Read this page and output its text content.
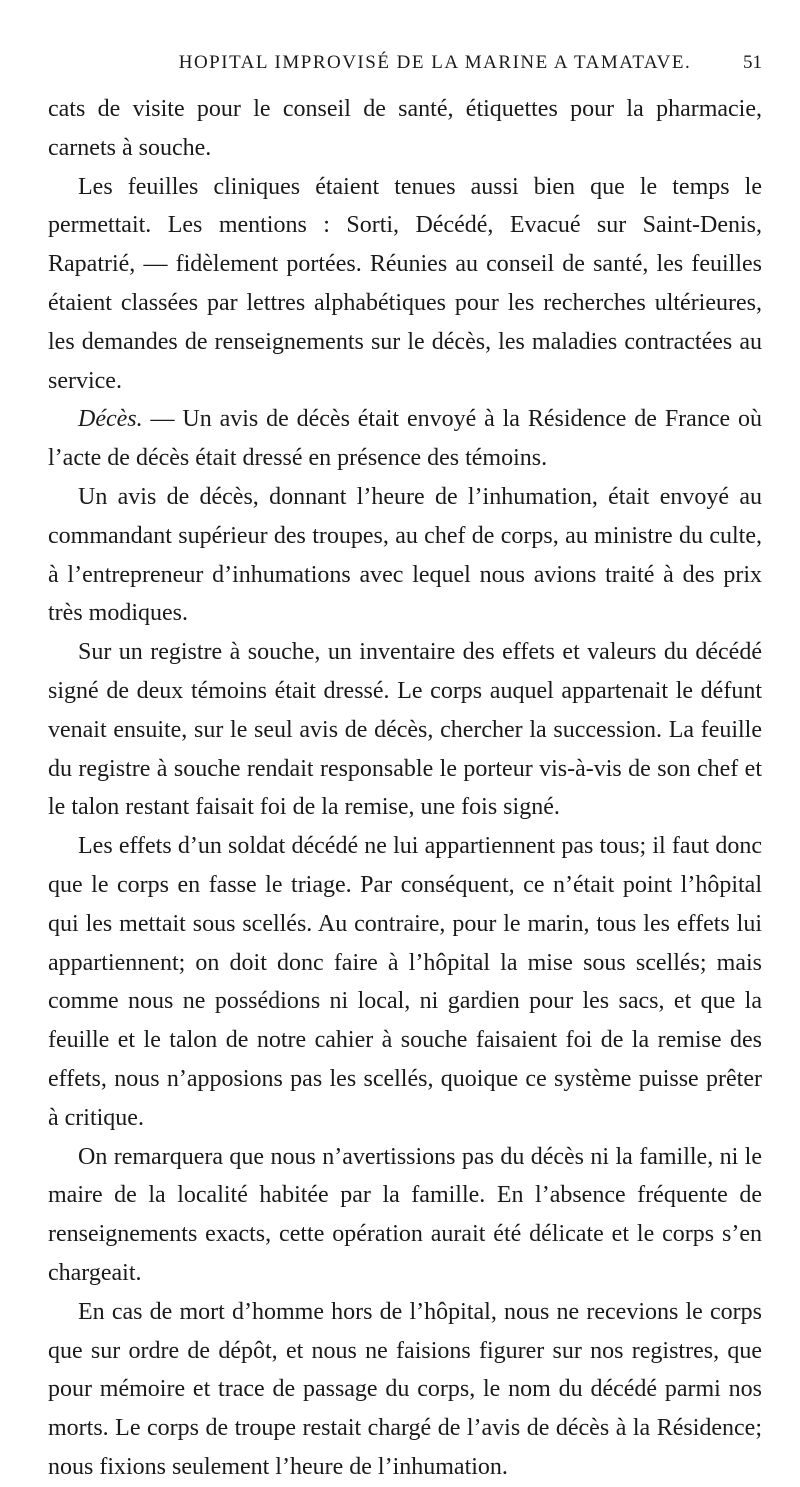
HOPITAL IMPROVISÉ DE LA MARINE A TAMATAVE.	51

cats de visite pour le conseil de santé, étiquettes pour la pharmacie, carnets à souche.

Les feuilles cliniques étaient tenues aussi bien que le temps le permettait. Les mentions : Sorti, Décédé, Evacué sur Saint-Denis, Rapatrié, — fidèlement portées. Réunies au conseil de santé, les feuilles étaient classées par lettres alphabétiques pour les recherches ultérieures, les demandes de renseignements sur le décès, les maladies contractées au service.

Décès. — Un avis de décès était envoyé à la Résidence de France où l’acte de décès était dressé en présence des témoins.

Un avis de décès, donnant l’heure de l’inhumation, était envoyé au commandant supérieur des troupes, au chef de corps, au ministre du culte, à l’entrepreneur d’inhumations avec lequel nous avions traité à des prix très modiques.

Sur un registre à souche, un inventaire des effets et valeurs du décédé signé de deux témoins était dressé. Le corps auquel appartenait le défunt venait ensuite, sur le seul avis de décès, chercher la succession. La feuille du registre à souche rendait responsable le porteur vis-à-vis de son chef et le talon restant faisait foi de la remise, une fois signé.

Les effets d’un soldat décédé ne lui appartiennent pas tous; il faut donc que le corps en fasse le triage. Par conséquent, ce n’était point l’hôpital qui les mettait sous scellés. Au contraire, pour le marin, tous les effets lui appartiennent; on doit donc faire à l’hôpital la mise sous scellés; mais comme nous ne possédions ni local, ni gardien pour les sacs, et que la feuille et le talon de notre cahier à souche faisaient foi de la remise des effets, nous n’apposions pas les scellés, quoique ce système puisse prêter à critique.

On remarquera que nous n’avertissions pas du décès ni la famille, ni le maire de la localité habitée par la famille. En l’absence fréquente de renseignements exacts, cette opération aurait été délicate et le corps s’en chargeait.

En cas de mort d’homme hors de l’hôpital, nous ne recevions le corps que sur ordre de dépôt, et nous ne faisions figurer sur nos registres, que pour mémoire et trace de passage du corps, le nom du décédé parmi nos morts. Le corps de troupe restait chargé de l’avis de décès à la Résidence; nous fixions seulement l’heure de l’inhumation.
